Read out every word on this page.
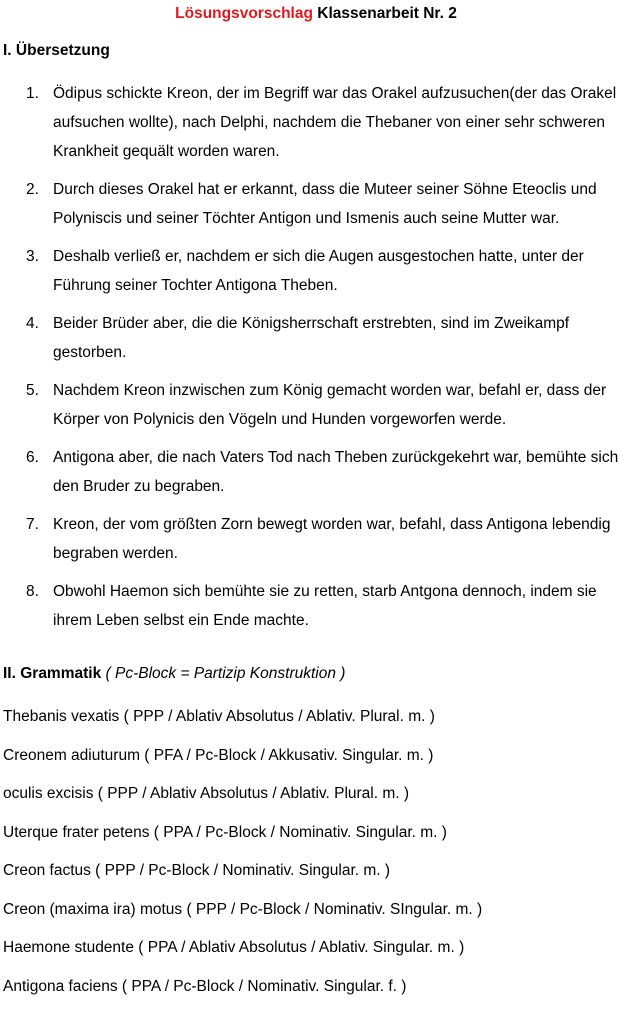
Lösungsvorschlag Klassenarbeit Nr. 2
I. Übersetzung
1. Ödipus schickte Kreon, der im Begriff war das Orakel aufzusuchen(der das Orakel aufsuchen wollte), nach Delphi, nachdem die Thebaner von einer sehr schweren Krankheit gequält worden waren.
2. Durch dieses Orakel hat er erkannt, dass die Muteer seiner Söhne Eteoclis und Polyniscis und seiner Töchter Antigon und Ismenis auch seine Mutter war.
3. Deshalb verließ er, nachdem er sich die Augen ausgestochen hatte, unter der Führung seiner Tochter Antigona Theben.
4. Beider Brüder aber, die die Königsherrschaft erstrebten, sind im Zweikampf gestorben.
5. Nachdem Kreon inzwischen zum König gemacht worden war, befahl er, dass der Körper von Polynicis den Vögeln und Hunden vorgeworfen werde.
6. Antigona aber, die nach Vaters Tod nach Theben zurückgekehrt war, bemühte sich den Bruder zu begraben.
7. Kreon, der vom größten Zorn bewegt worden war, befahl, dass Antigona lebendig begraben werden.
8. Obwohl Haemon sich bemühte sie zu retten, starb Antgona dennoch, indem sie ihrem Leben selbst ein Ende machte.
II. Grammatik ( Pc-Block = Partizip Konstruktion )
Thebanis vexatis ( PPP / Ablativ Absolutus / Ablativ. Plural. m. )
Creonem adiuturum ( PFA / Pc-Block / Akkusativ. Singular. m. )
oculis excisis ( PPP / Ablativ Absolutus / Ablativ. Plural. m. )
Uterque frater petens ( PPA / Pc-Block / Nominativ. Singular. m. )
Creon factus ( PPP / Pc-Block / Nominativ. Singular. m. )
Creon (maxima ira) motus ( PPP / Pc-Block / Nominativ. SIngular. m. )
Haemone studente ( PPA / Ablativ Absolutus / Ablativ. Singular. m. )
Antigona faciens ( PPA / Pc-Block / Nominativ. Singular. f. )
